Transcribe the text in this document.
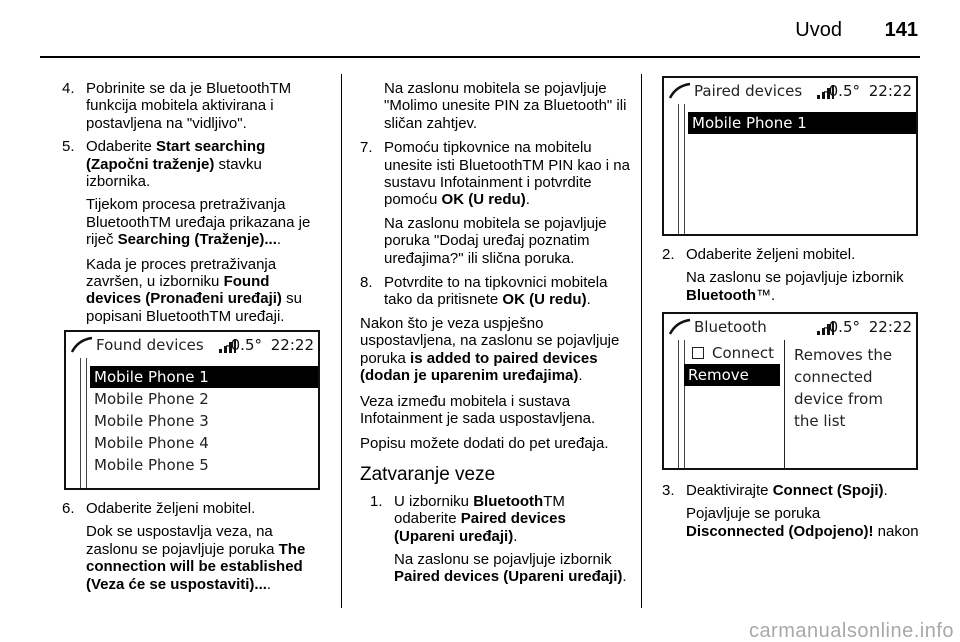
Uvod 141
4. Pobrinite se da je BluetoothTM funkcija mobitela aktivirana i postavljena na "vidljivo".
5. Odaberite Start searching (Započni traženje) stavku izbornika.
Tijekom procesa pretraživanja BluetoothTM uređaja prikazana je riječ Searching (Traženje)....
Kada je proces pretraživanja završen, u izborniku Found devices (Pronađeni uređaji) su popisani BluetoothTM uređaji.
Found devices -0.5° 22:22
Mobile Phone 1
Mobile Phone 2
Mobile Phone 3
Mobile Phone 4
Mobile Phone 5
6. Odaberite željeni mobitel.
Dok se uspostavlja veza, na zaslonu se pojavljuje poruka The connection will be established (Veza će se uspostaviti)....
Na zaslonu mobitela se pojavljuje "Molimo unesite PIN za Bluetooth" ili sličan zahtjev.
7. Pomoću tipkovnice na mobitelu unesite isti BluetoothTM PIN kao i na sustavu Infotainment i potvrdite pomoću OK (U redu).
Na zaslonu mobitela se pojavljuje poruka "Dodaj uređaj poznatim uređajima?" ili slična poruka.
8. Potvrdite to na tipkovnici mobitela tako da pritisnete OK (U redu).
Nakon što je veza uspješno uspostavljena, na zaslonu se pojavljuje poruka is added to paired devices (dodan je uparenim uređajima).
Veza između mobitela i sustava Infotainment je sada uspostavljena.
Popisu možete dodati do pet uređaja.
Zatvaranje veze
1. U izborniku BluetoothTM odaberite Paired devices (Upareni uređaji).
Na zaslonu se pojavljuje izbornik Paired devices (Upareni uređaji).
Paired devices -0.5° 22:22
Mobile Phone 1
2. Odaberite željeni mobitel.
Na zaslonu se pojavljuje izbornik Bluetooth™.
Bluetooth	-0.5° 22:22
Connect
Remove
Removes the
connected
device from
the list
3. Deaktivirajte Connect (Spoji).
Pojavljuje se poruka Disconnected (Odpojeno)! nakon
carmanualsonline.info
